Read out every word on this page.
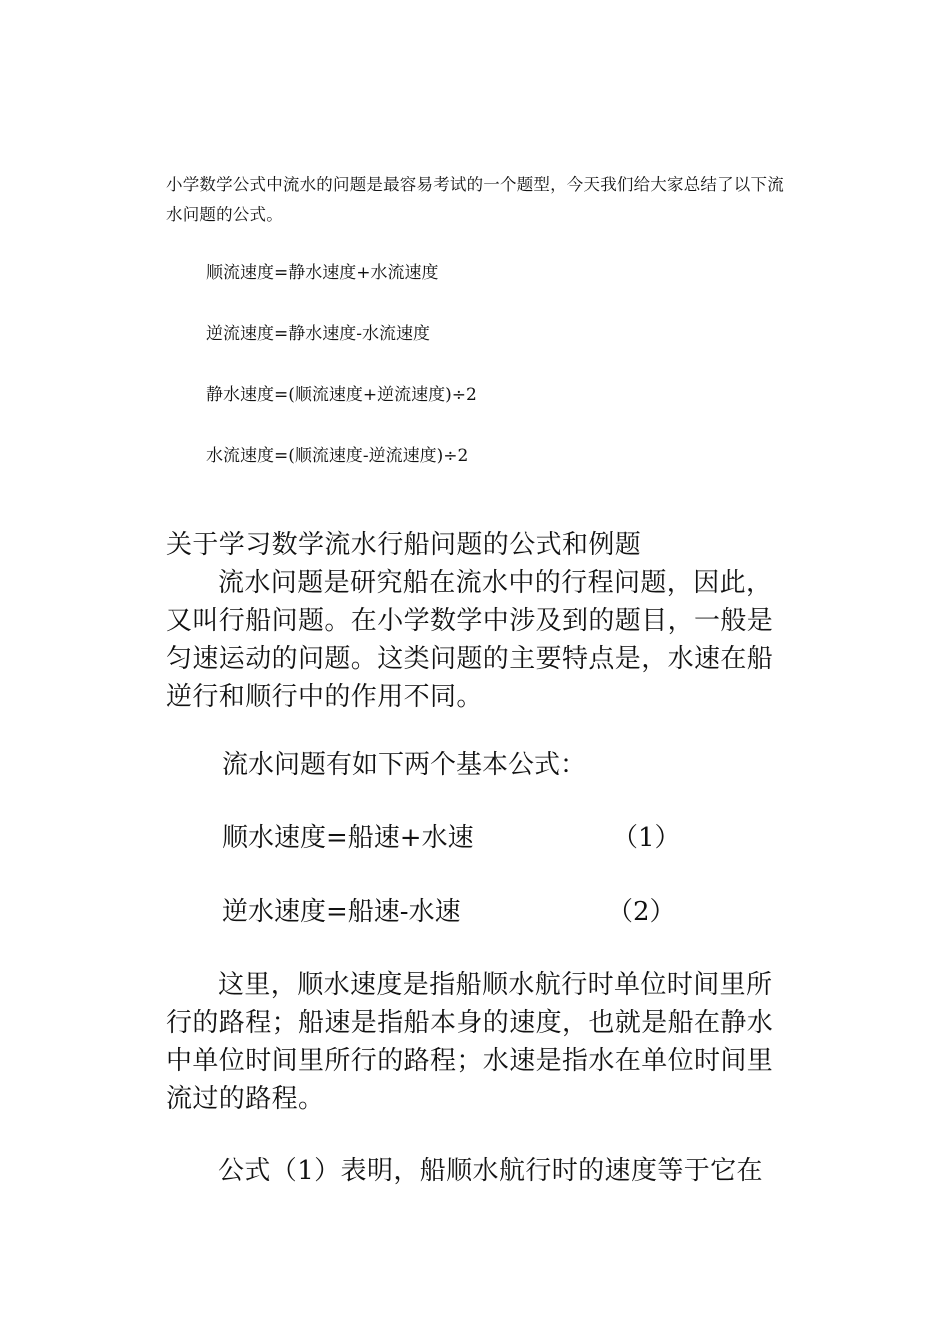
小学数学公式中流水的问题是最容易考试的一个题型，今天我们给大家总结了以下流水问题的公式。
顺流速度=静水速度+水流速度
逆流速度=静水速度-水流速度
静水速度=(顺流速度+逆流速度)÷2
水流速度=(顺流速度-逆流速度)÷2
关于学习数学流水行船问题的公式和例题
流水问题是研究船在流水中的行程问题，因此，又叫行船问题。在小学数学中涉及到的题目，一般是匀速运动的问题。这类问题的主要特点是，水速在船逆行和顺行中的作用不同。
流水问题有如下两个基本公式：
顺水速度=船速+水速	（1）
逆水速度=船速-水速	（2）
这里，顺水速度是指船顺水航行时单位时间里所行的路程；船速是指船本身的速度，也就是船在静水中单位时间里所行的路程；水速是指水在单位时间里流过的路程。
公式（1）表明，船顺水航行时的速度等于它在
